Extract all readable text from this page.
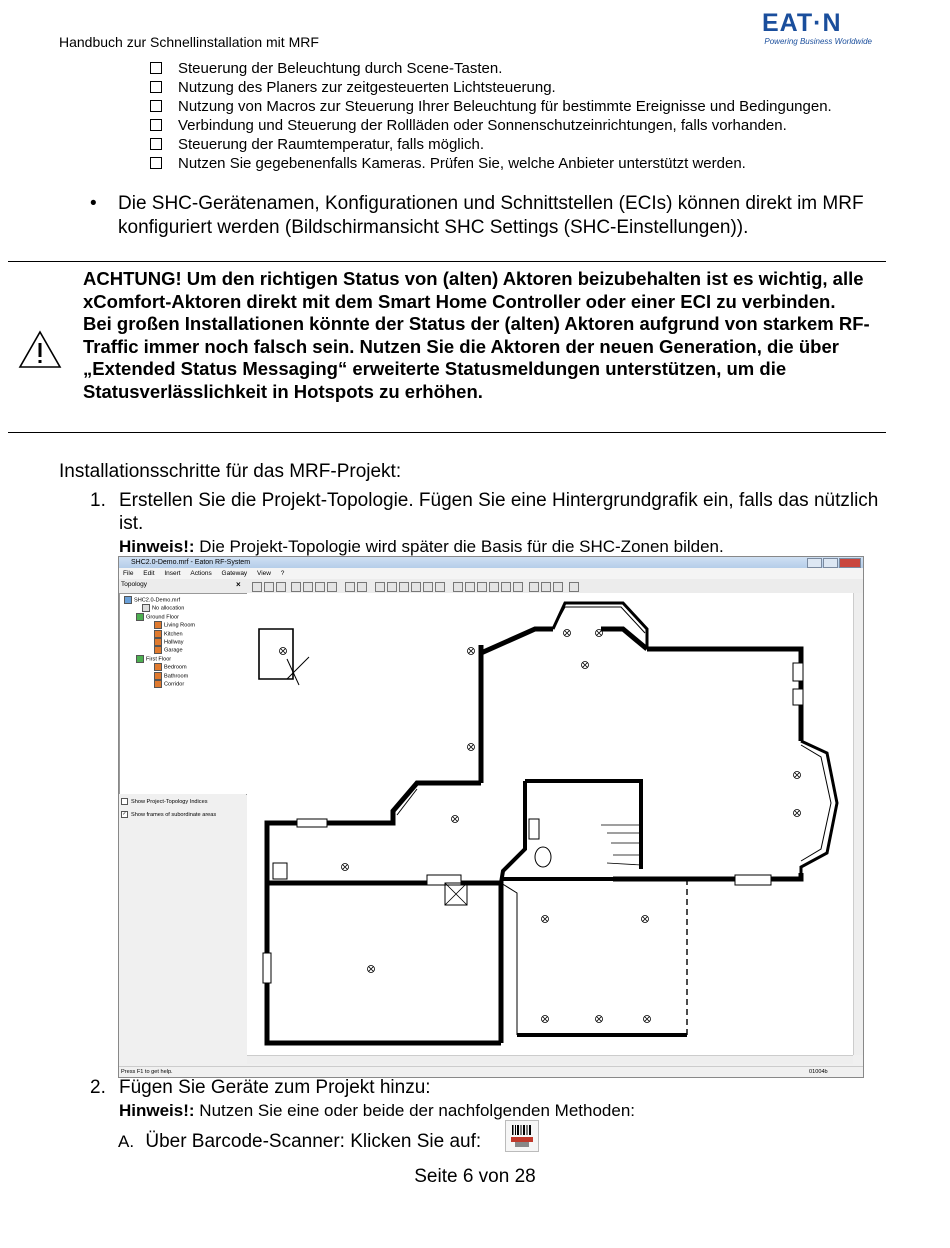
Handbuch zur Schnellinstallation mit MRF
EAT·N
Powering Business Worldwide
Steuerung der Beleuchtung durch Scene-Tasten.
Nutzung des Planers zur zeitgesteuerten Lichtsteuerung.
Nutzung von Macros zur Steuerung Ihrer Beleuchtung für bestimmte Ereignisse und Bedingungen.
Verbindung und Steuerung der Rollläden oder Sonnenschutzeinrichtungen, falls vorhanden.
Steuerung der Raumtemperatur, falls möglich.
Nutzen Sie gegebenenfalls Kameras. Prüfen Sie, welche Anbieter unterstützt werden.
• Die SHC-Gerätenamen, Konfigurationen und Schnittstellen (ECIs) können direkt im MRF konfiguriert werden (Bildschirmansicht SHC Settings (SHC-Einstellungen)).
ACHTUNG! Um den richtigen Status von (alten) Aktoren beizubehalten ist es wichtig, alle xComfort-Aktoren direkt mit dem Smart Home Controller oder einer ECI zu verbinden.
Bei großen Installationen könnte der Status der (alten) Aktoren aufgrund von starkem RF-Traffic immer noch falsch sein. Nutzen Sie die Aktoren der neuen Generation, die über „Extended Status Messaging“ erweiterte Statusmeldungen unterstützen, um die Statusverlässlichkeit in Hotspots zu erhöhen.
Installationsschritte für das MRF-Projekt:
1. Erstellen Sie die Projekt-Topologie. Fügen Sie eine Hintergrundgrafik ein, falls das nützlich ist.
Hinweis!: Die Projekt-Topologie wird später die Basis für die SHC-Zonen bilden.
SHC2.0-Demo.mrf - Eaton RF-System
File Edit Insert Actions Gateway View ?
Topology	×
SHC2.0-Demo.mrf
No allocation
Ground Floor
Living Room
Kitchen
Hallway
Garage
First Floor
Bedroom
Bathroom
Corridor
Show Project-Topology Indices
✓ Show frames of subordinate areas
Press F1 to get help.	01004b
2. Fügen Sie Geräte zum Projekt hinzu:
Hinweis!: Nutzen Sie eine oder beide der nachfolgenden Methoden:
A. Über Barcode-Scanner: Klicken Sie auf:
Seite 6 von 28
